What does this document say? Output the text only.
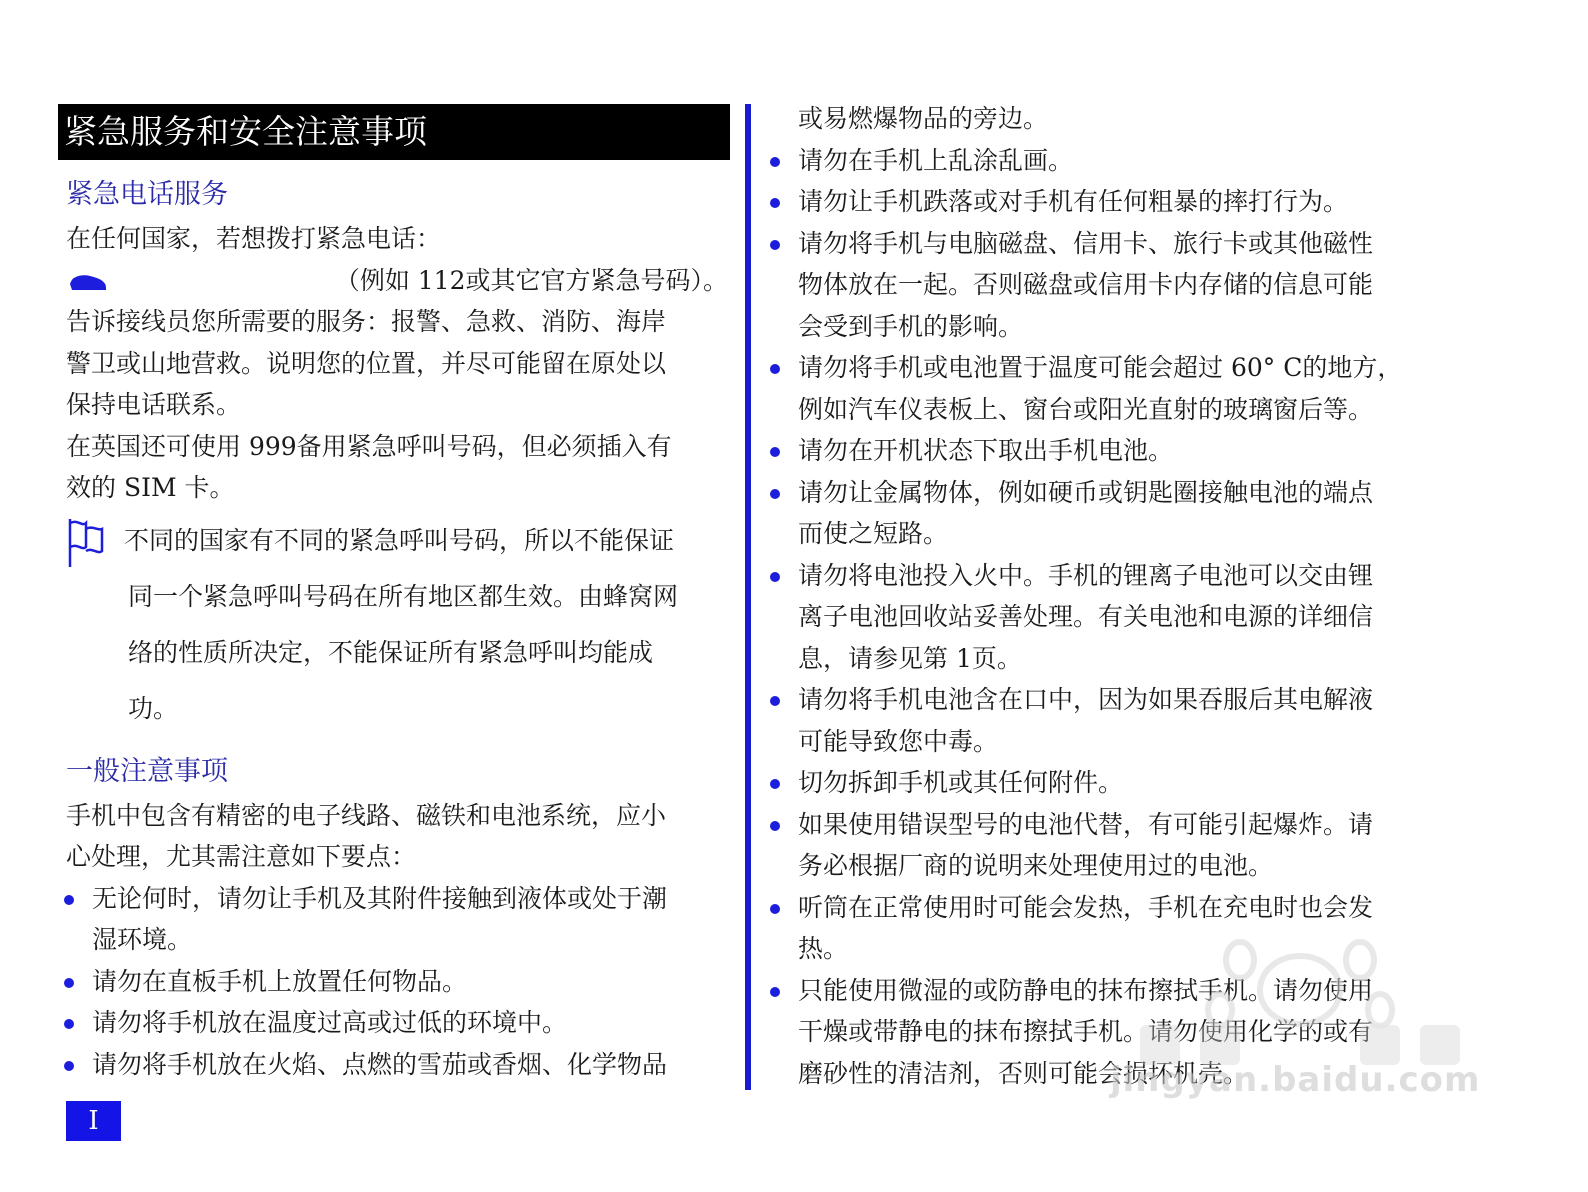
紧急服务和安全注意事项
紧急电话服务
在任何国家，若想拨打紧急电话：
（例如 112或其它官方紧急号码）。
告诉接线员您所需要的服务：报警、急救、消防、海岸
警卫或山地营救。说明您的位置，并尽可能留在原处以
保持电话联系。
在英国还可使用 999备用紧急呼叫号码，但必须插入有
效的 SIM 卡。
不同的国家有不同的紧急呼叫号码，所以不能保证
同一个紧急呼叫号码在所有地区都生效。由蜂窝网
络的性质所决定，不能保证所有紧急呼叫均能成
功。
一般注意事项
手机中包含有精密的电子线路、磁铁和电池系统，应小
心处理，尤其需注意如下要点：
无论何时，请勿让手机及其附件接触到液体或处于潮
湿环境。
请勿在直板手机上放置任何物品。
请勿将手机放在温度过高或过低的环境中。
请勿将手机放在火焰、点燃的雪茄或香烟、化学物品
或易燃爆物品的旁边。
请勿在手机上乱涂乱画。
请勿让手机跌落或对手机有任何粗暴的摔打行为。
请勿将手机与电脑磁盘、信用卡、旅行卡或其他磁性
物体放在一起。否则磁盘或信用卡内存储的信息可能
会受到手机的影响。
请勿将手机或电池置于温度可能会超过 60° C的地方，
例如汽车仪表板上、窗台或阳光直射的玻璃窗后等。
请勿在开机状态下取出手机电池。
请勿让金属物体，例如硬币或钥匙圈接触电池的端点
而使之短路。
请勿将电池投入火中。手机的锂离子电池可以交由锂
离子电池回收站妥善处理。有关电池和电源的详细信
息，请参见第 1页。
请勿将手机电池含在口中，因为如果吞服后其电解液
可能导致您中毒。
切勿拆卸手机或其任何附件。
如果使用错误型号的电池代替，有可能引起爆炸。请
务必根据厂商的说明来处理使用过的电池。
听筒在正常使用时可能会发热，手机在充电时也会发
热。
只能使用微湿的或防静电的抹布擦拭手机。请勿使用
干燥或带静电的抹布擦拭手机。请勿使用化学的或有
磨砂性的清洁剂，否则可能会损坏机壳。
I
jingyan.baidu.com
